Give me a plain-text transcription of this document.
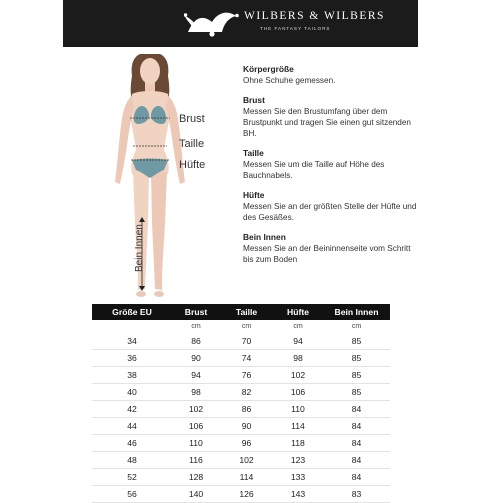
WILBERS & WILBERS
THE FANTASY TAILORS
Brust
Taille
Hüfte
Bein Innen
Körpergröße
Ohne Schuhe gemessen.
Brust
Messen Sie den Brustumfang über dem Brustpunkt und tragen Sie einen gut sitzenden BH.
Taille
Messen Sie um die Taille auf Höhe des Bauchnabels.
Hüfte
Messen Sie an der größten Stelle der Hüfte und des Gesäßes.
Bein Innen
Messen Sie an der Beininnenseite vom Schritt bis zum Boden
Größe EU	Brust	Taille	Hüfte	Bein Innen
	cm	cm	cm	cm
34	86	70	94	85
36	90	74	98	85
38	94	76	102	85
40	98	82	106	85
42	102	86	110	84
44	106	90	114	84
46	110	96	118	84
48	116	102	123	84
52	128	114	133	84
56	140	126	143	83
